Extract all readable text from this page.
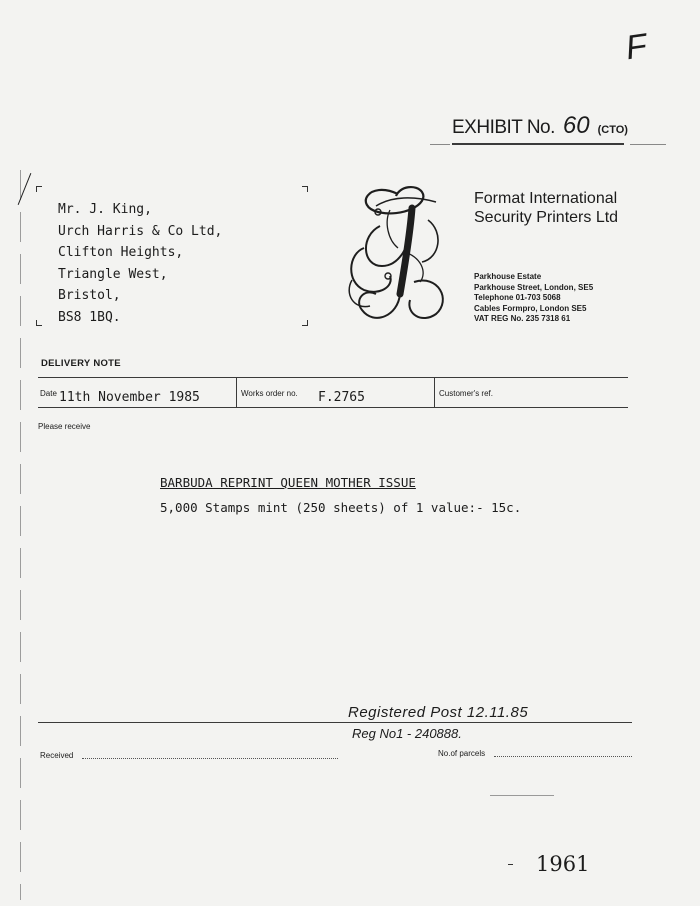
F
EXHIBIT No. 60 (CTO)
Mr. J. King,
Urch Harris & Co Ltd,
Clifton Heights,
Triangle West,
Bristol,
BS8 1BQ.
Format International
Security Printers Ltd
Parkhouse Estate
Parkhouse Street, London, SE5
Telephone 01-703 5068
Cables Formpro, London SE5
VAT REG No. 235 7318 61
DELIVERY NOTE
Date 11th November 1985	Works order no. F.2765	Customer's ref.
Please receive
BARBUDA REPRINT QUEEN MOTHER ISSUE
5,000 Stamps mint (250 sheets) of 1 value:- 15c.
Registered Post 12.11.85
Reg No1 - 240888.
Received	No.of parcels
1961
